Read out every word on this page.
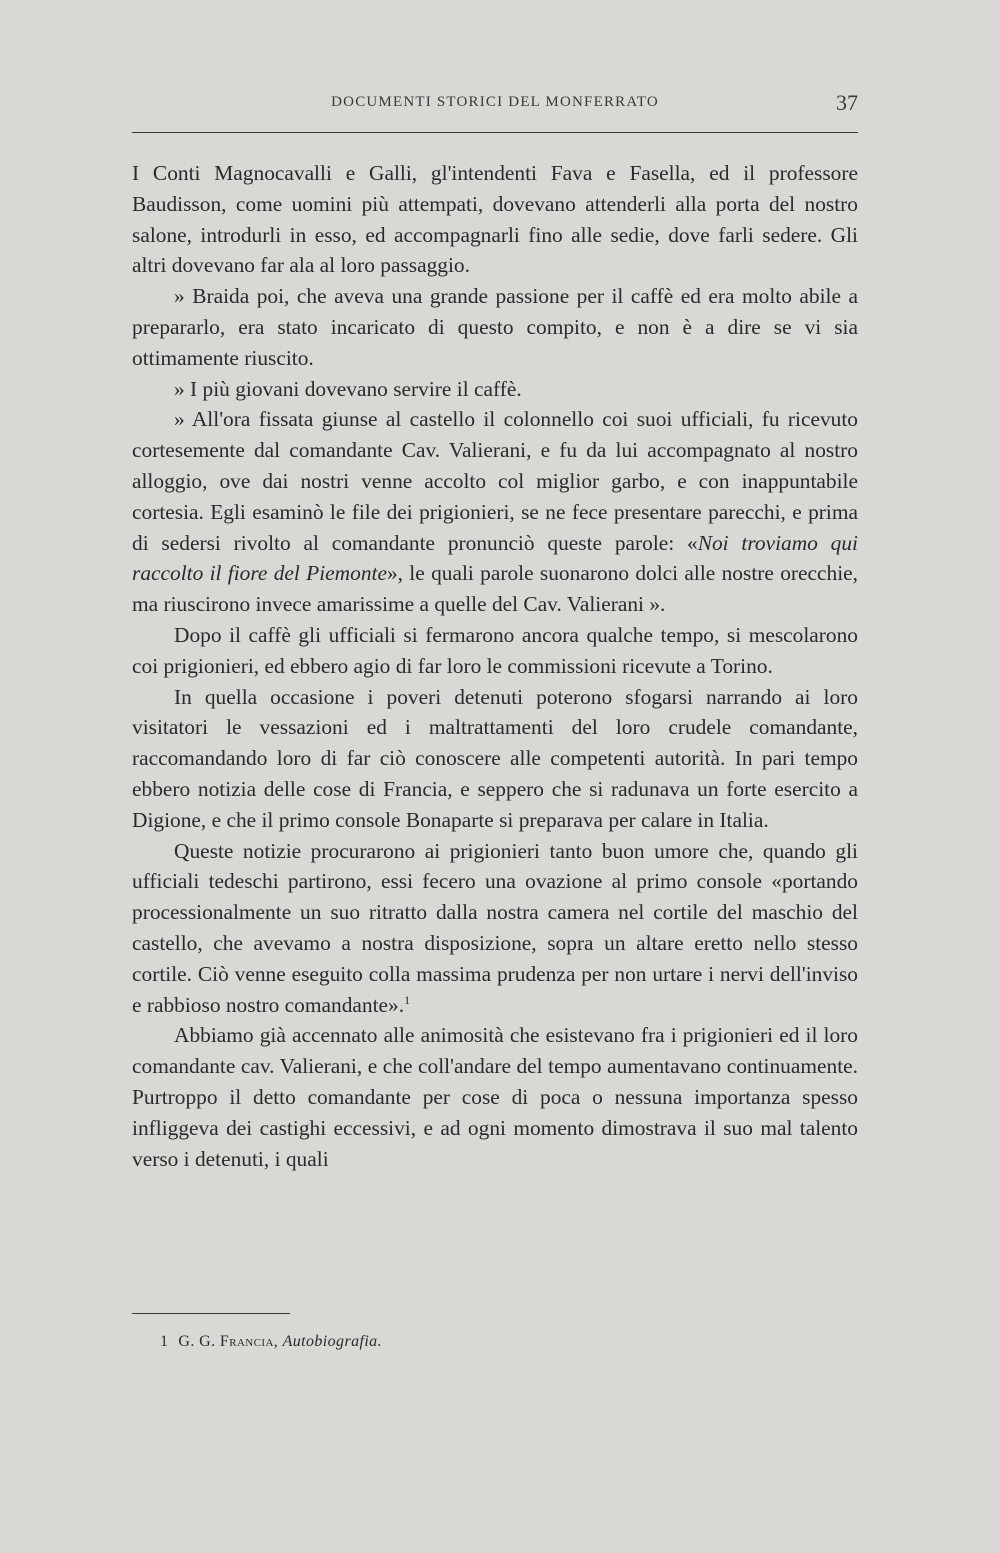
DOCUMENTI STORICI DEL MONFERRATO	37

I Conti Magnocavalli e Galli, gl'intendenti Fava e Fasella, ed il professore Baudisson, come uomini più attempati, dovevano attenderli alla porta del nostro salone, introdurli in esso, ed accompagnarli fino alle sedie, dove farli sedere. Gli altri dovevano far ala al loro passaggio.

» Braida poi, che aveva una grande passione per il caffè ed era molto abile a prepararlo, era stato incaricato di questo compito, e non è a dire se vi sia ottimamente riuscito.

» I più giovani dovevano servire il caffè.

» All'ora fissata giunse al castello il colonnello coi suoi ufficiali, fu ricevuto cortesemente dal comandante Cav. Valierani, e fu da lui accompagnato al nostro alloggio, ove dai nostri venne accolto col miglior garbo, e con inappuntabile cortesia. Egli esaminò le file dei prigionieri, se ne fece presentare parecchi, e prima di sedersi rivolto al comandante pronunciò queste parole: «Noi troviamo qui raccolto il fiore del Piemonte», le quali parole suonarono dolci alle nostre orecchie, ma riuscirono invece amarissime a quelle del Cav. Valierani ».

Dopo il caffè gli ufficiali si fermarono ancora qualche tempo, si mescolarono coi prigionieri, ed ebbero agio di far loro le commissioni ricevute a Torino.

In quella occasione i poveri detenuti poterono sfogarsi narrando ai loro visitatori le vessazioni ed i maltrattamenti del loro crudele comandante, raccomandando loro di far ciò conoscere alle competenti autorità. In pari tempo ebbero notizia delle cose di Francia, e seppero che si radunava un forte esercito a Digione, e che il primo console Bonaparte si preparava per calare in Italia.

Queste notizie procurarono ai prigionieri tanto buon umore che, quando gli ufficiali tedeschi partirono, essi fecero una ovazione al primo console «portando processionalmente un suo ritratto dalla nostra camera nel cortile del maschio del castello, che avevamo a nostra disposizione, sopra un altare eretto nello stesso cortile. Ciò venne eseguito colla massima prudenza per non urtare i nervi dell'inviso e rabbioso nostro comandante».$^1$

Abbiamo già accennato alle animosità che esistevano fra i prigionieri ed il loro comandante cav. Valierani, e che coll'andare del tempo aumentavano continuamente. Purtroppo il detto comandante per cose di poca o nessuna importanza spesso infliggeva dei castighi eccessivi, e ad ogni momento dimostrava il suo mal talento verso i detenuti, i quali

1 G. G. Francia, Autobiografia.
